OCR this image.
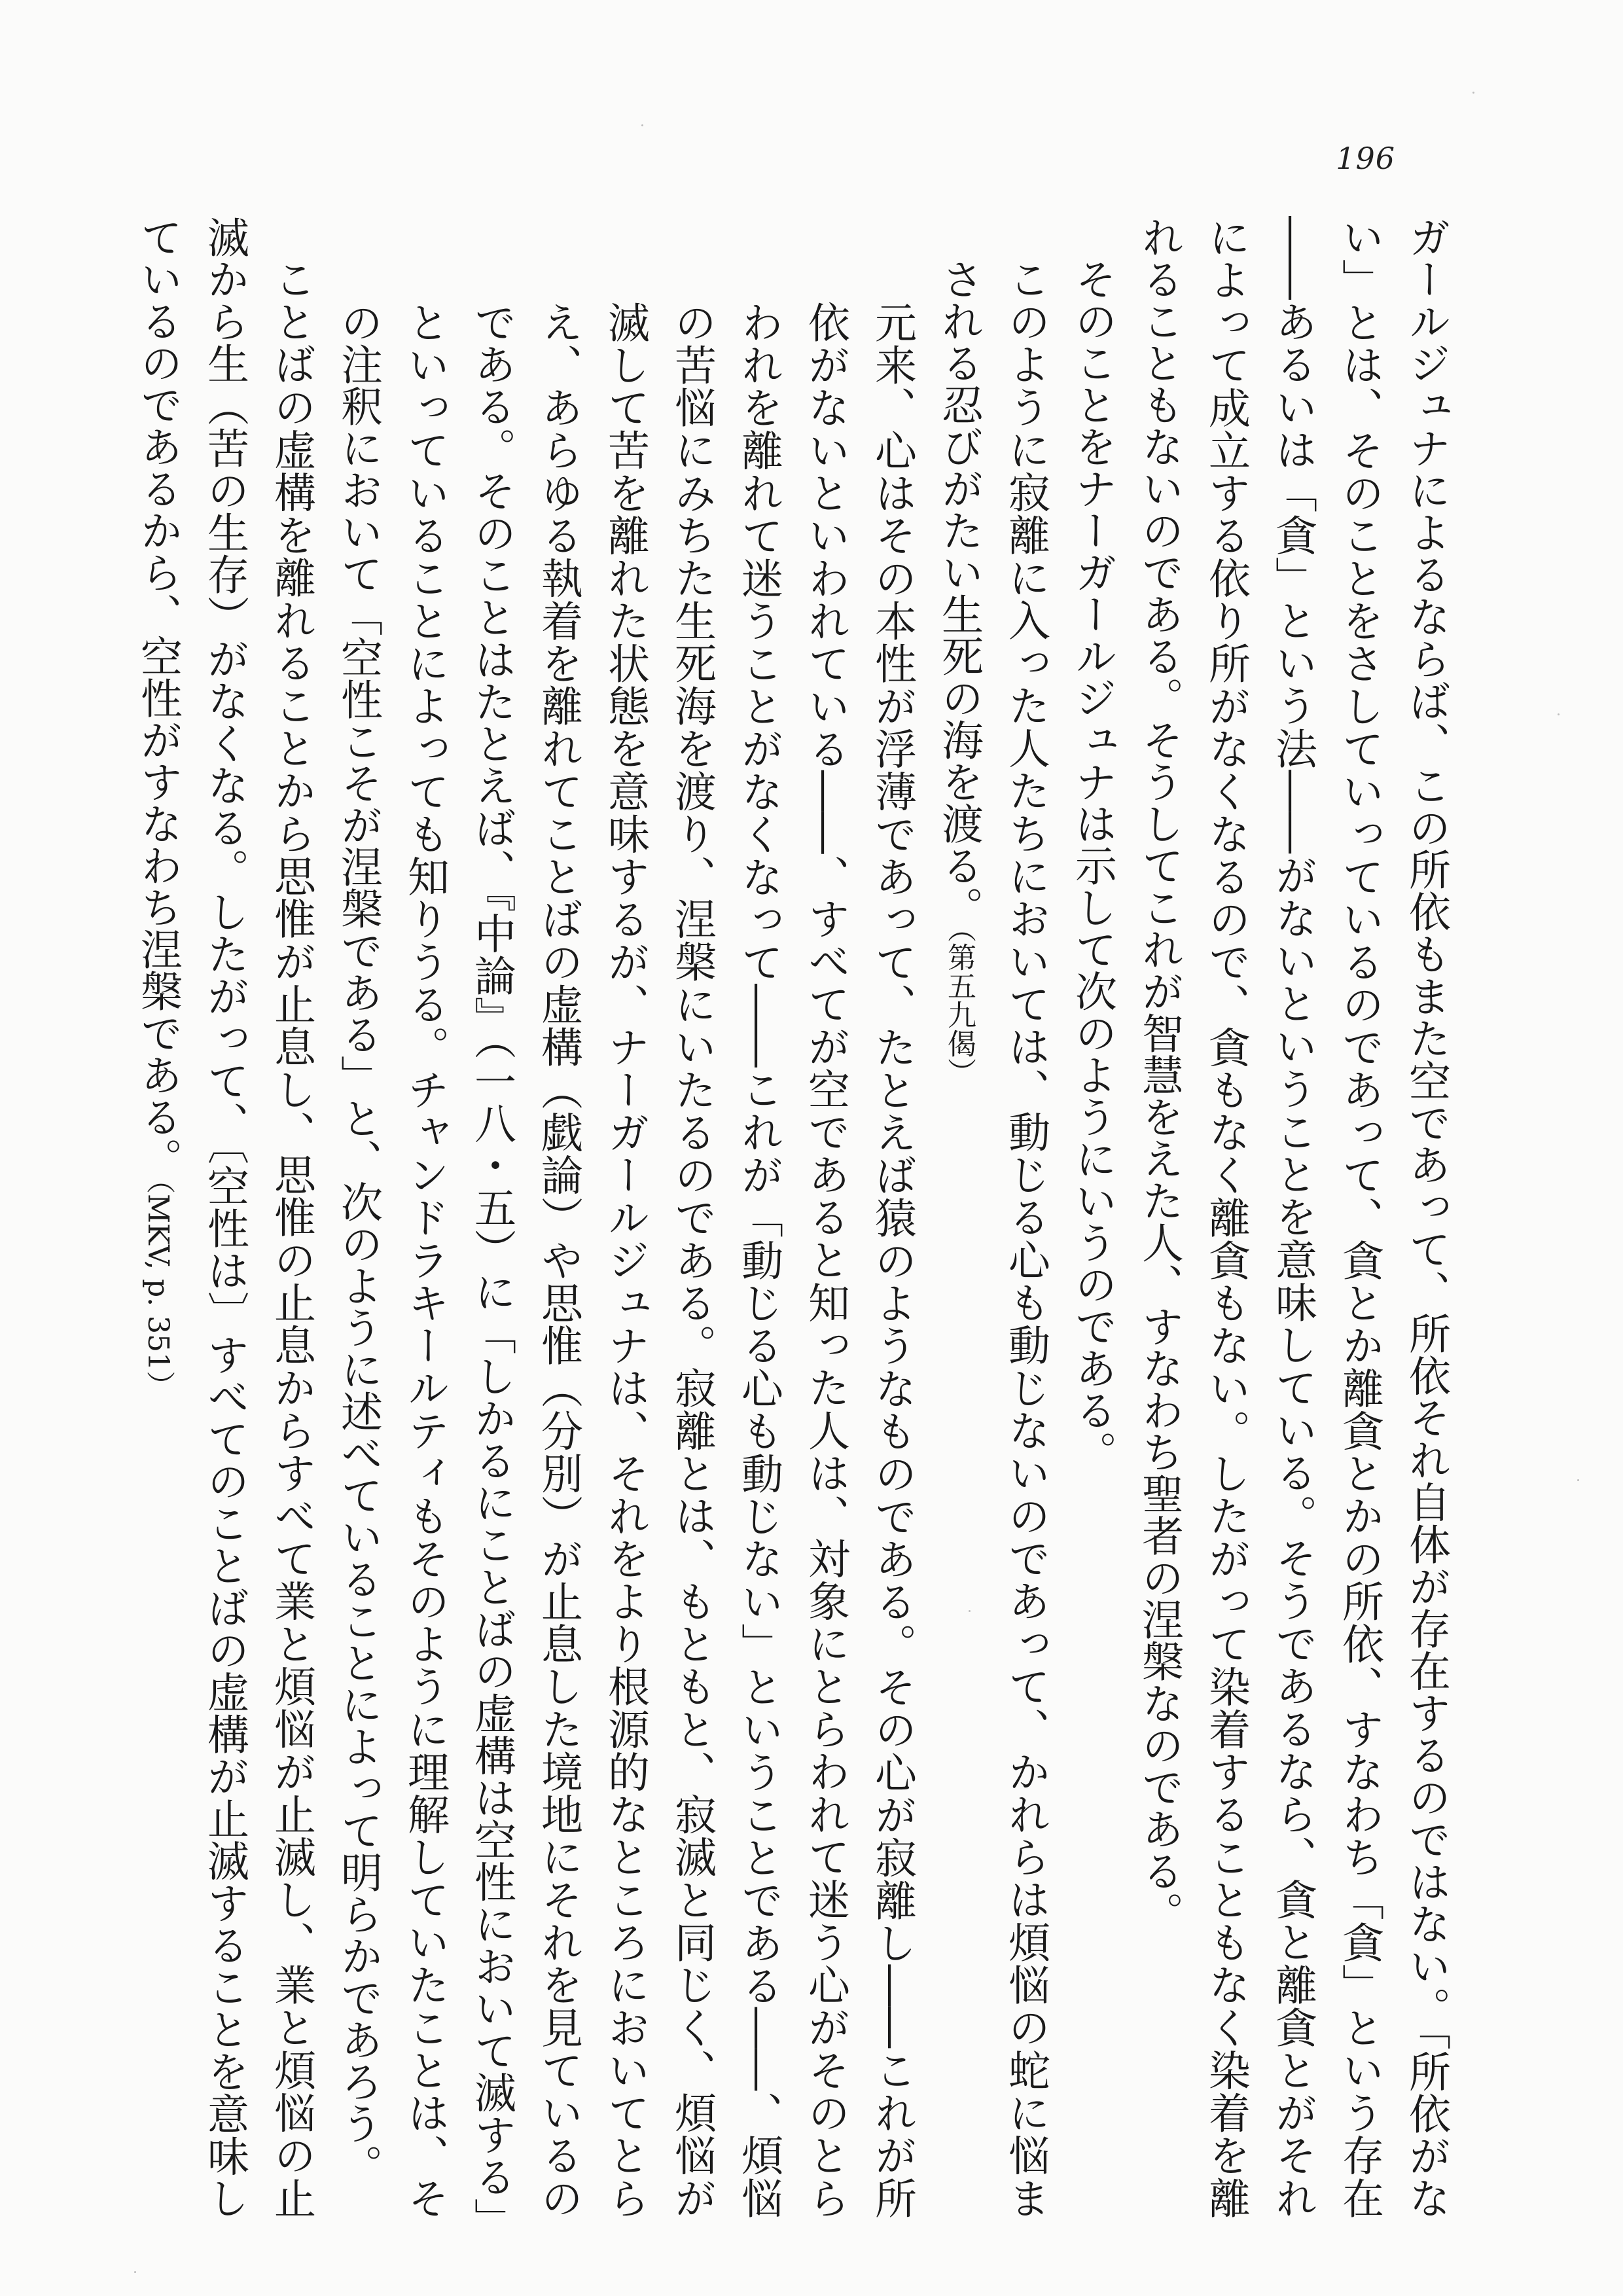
196

ガールジュナによるならば、この所依もまた空であって、所依それ自体が存在するのではない。「所依がない」とは、そのことをさしていっているのであって、貪とか離貪とかの所依、すなわち「貪」という存在――あるいは「貪」という法――がないということを意味している。そうであるなら、貪と離貪とがそれによって成立する依り所がなくなるので、貪もなく離貪もない。したがって染着することもなく染着を離れることもないのである。そうしてこれが智慧をえた人、すなわち聖者の涅槃なのである。

そのことをナーガールジュナは示して次のようにいうのである。

このように寂離に入った人たちにおいては、動じる心も動じないのであって、かれらは煩悩の蛇に悩まされる忍びがたい生死の海を渡る。（第五九偈）

元来、心はその本性が浮薄であって、たとえば猿のようなものである。その心が寂離し――これが所依がないといわれている――、すべてが空であると知った人は、対象にとらわれて迷う心がそのとらわれを離れて迷うことがなくなって――これが「動じる心も動じない」ということである――、煩悩の苦悩にみちた生死海を渡り、涅槃にいたるのである。寂離とは、もともと、寂滅と同じく、煩悩が滅して苦を離れた状態を意味するが、ナーガールジュナは、それをより根源的なところにおいてとらえ、あらゆる執着を離れてことばの虚構（戯論）や思惟（分別）が止息した境地にそれを見ているのである。そのことはたとえば、『中論』（一八・五）に「しかるにことばの虚構は空性において滅する」といっていることによっても知りうる。チャンドラキールティもそのように理解していたことは、その注釈において「空性こそが涅槃である」と、次のように述べていることによって明らかであろう。

ことばの虚構を離れることから思惟が止息し、思惟の止息からすべて業と煩悩が止滅し、業と煩悩の止滅から生（苦の生存）がなくなる。したがって、〔空性は〕すべてのことばの虚構が止滅することを意味しているのであるから、空性がすなわち涅槃である。（MKV, p. 351）
